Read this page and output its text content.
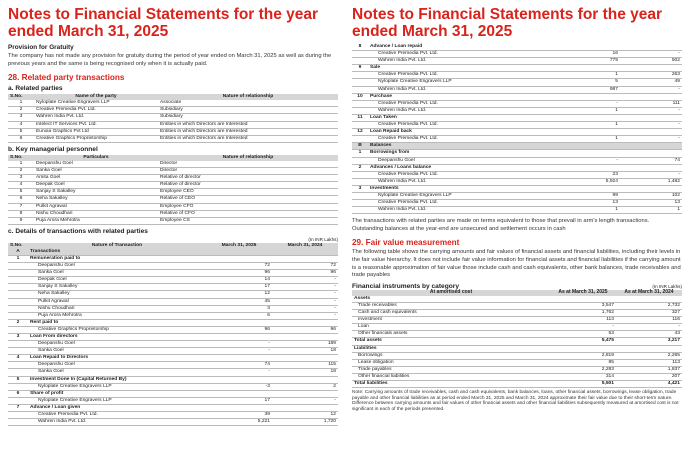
Notes to Financial Statements for the year ended March 31, 2025
Provision for Gratuity
The company has not made any provision for gratuity during the period of year ended on March 31, 2025 as well as during the previous years and the same is being recognised only when it is actually paid.
28. Related party transactions
a. Related parties
S.No.	Name of the party	Nature of relationship
1	Nyloplate Creative Engravers LLP	Associate
2	Creative Premedia Pvt. Ltd.	Subsidiary
3	Wahren India Pvt. Ltd.	Subsidiary
4	Intelect IT Services Pvt. Ltd.	Entities in which Directors are Interested
5	Eunoia Graphics Pvt Ltd	Entities in which Directors are Interested
6	Creative Graphics Proprietorship	Entities in which Directors are Interested
b. Key managerial personnel
S.No.	Particulars	Nature of relationship
1	Deepanshu Goel	Director
2	Sanka Goel	Director
3	Amita Goel	Relative of director
4	Deepak Goel	Relative of director
5	Sanjay S Sakalley	Employee CEO
6	Neha Sakalley	Relative of CEO
7	Pulkit Agrawal	Employee CFO
8	Nishu Choudhari	Relative of CFO
9	Puja Arora Mehrotra	Employee CS
c. Details of transactions with related parties
(In INR Lakhs)
S.No.	Nature of Transaction	March 31, 2025	March 31, 2024
A	Transactions		
1	Remuneration paid to		
	Deepanshu Goel	72	72
	Sanka Goel	96	96
	Deepak Goel	14	-
	Sanjay S Sakalley	17	-
	Neha Sakalley	12	-
	Pulkit Agrawal	45	-
	Nishu Choudhari	3	-
	Puja Arora Mehrotra	6	-
2	Rent paid to		
	Creative Graphics Proprietorship	96	96
3	Loan From directors		
	Deepanshu Goel	-	189
	Sanka Goel	-	18
4	Loan Repaid to Directors		
	Deepanshu Goel	74	115
	Sanka Goel	-	18
5	Investment Done In (Capital Returned By)		
	Nyloplate Creative Engravers LLP	-3	2
6	Share of profit		
	Nyloplate Creative Engravers LLP	17	-
7	Advance / Loan given		
	Creative Premedia Pvt. Ltd.	39	12
	Wahren India Pvt. Ltd.	5,221	1,720
Notes to Financial Statements for the year ended March 31, 2025
8	Advance / Loan repaid		
	Creative Premedia Pvt. Ltd.	16	-
	Wahren India Pvt. Ltd.	779	502
9	Sale		
	Creative Premedia Pvt. Ltd.	1	263
	Nyloplate Creative Engravers LLP	5	49
	Wahren India Pvt. Ltd.	987	-
10	Purchase		
	Creative Premedia Pvt. Ltd.	-	111
	Wahren India Pvt. Ltd.	1	-
11	Loan Taken		
	Creative Premedia Pvt. Ltd.	1	-
12	Loan Repaid back		
	Creative Premedia Pvt. Ltd.	1	-
B	Balances		
1	Borrowings from		
	Deepanshu Goel	-	74
2	Advances / Loans balance		
	Creative Premedia Pvt. Ltd.	23	-
	Wahren India Pvt. Ltd.	5,924	1,482
3	Investments		
	Nyloplate Creative Engravers LLP	99	102
	Creative Premedia Pvt. Ltd.	13	13
	Wahren India Pvt. Ltd.	1	1
The transactions with related parties are made on terms equivalent to those that prevail in arm's length transactions. Outstanding balances at the year-end are unsecured and settlement occurs in cash
29. Fair value measurement
The following table shows the carrying amounts and fair values of financial assets and financial liabilities, including their levels in the fair value hierarchy. It does not include fair value information for financial assets and financial liabilities if the carrying amount is a reasonable approximation of fair value those include cash and cash equivalents, other bank balances, trade receivables and trade payables
Financial instruments by category	(In INR Lakhs)
At amortised cost	As at March 31, 2025	As at March 31, 2024
Assets		
Trade receivables	3,547	2,732
Cash and cash equivalents	1,762	327
Investment	113	116
Loan	-	-
Other financials assets	53	43
Total assets	5,475	3,217
Liabilities		
Borrowings	2,819	2,265
Lease obligation	85	113
Trade payables	2,283	1,837
Other financial liabilities	314	207
Total liabilities	5,501	4,421
Note: Carrying amounts of trade receivables, cash and cash equivalents, bank balances, loans, other financial assets, borrowings, lease obligation, trade payable and other financial liabilities as at period ended March 31, 2025 and March 31, 2024 approximate their fair value due to their short-term nature. Difference between carrying amounts and fair values of other financial assets and other financial liabilities subsequently measured at amortised cost is not significant in each of the periods presented.
